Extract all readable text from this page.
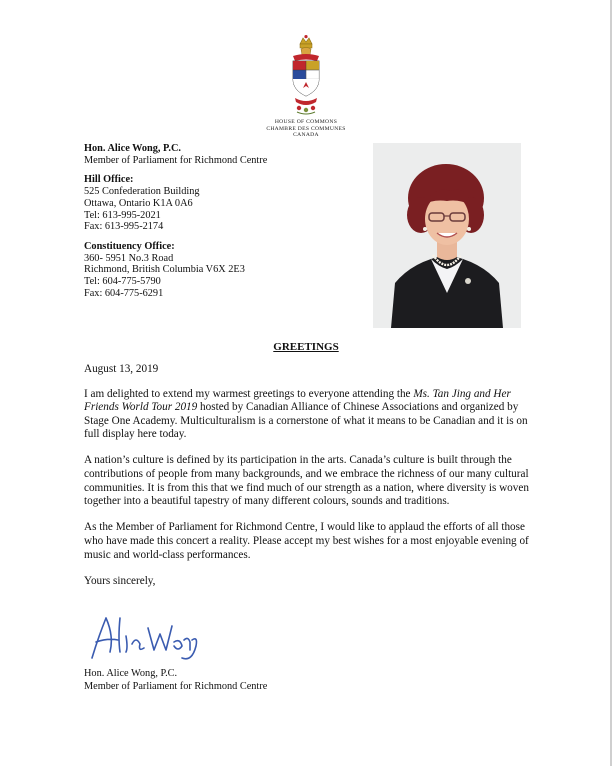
HOUSE OF COMMONS
CHAMBRE DES COMMUNES
CANADA
Hon. Alice Wong, P.C.
Member of Parliament for Richmond Centre
Hill Office:
525 Confederation Building
Ottawa, Ontario K1A 0A6
Tel: 613-995-2021
Fax: 613-995-2174
Constituency Office:
360- 5951 No.3 Road
Richmond, British Columbia V6X 2E3
Tel: 604-775-5790
Fax: 604-775-6291
GREETINGS

August 13, 2019

I am delighted to extend my warmest greetings to everyone attending the Ms. Tan Jing and Her Friends World Tour 2019 hosted by Canadian Alliance of Chinese Associations and organized by Stage One Academy. Multiculturalism is a cornerstone of what it means to be Canadian and it is on full display here today.

A nation’s culture is defined by its participation in the arts. Canada’s culture is built through the contributions of people from many backgrounds, and we embrace the richness of our many cultural communities. It is from this that we find much of our strength as a nation, where diversity is woven together into a beautiful tapestry of many different colours, sounds and traditions.

As the Member of Parliament for Richmond Centre, I would like to applaud the efforts of all those who have made this concert a reality. Please accept my best wishes for a most enjoyable evening of music and world-class performances.

Yours sincerely,

Hon. Alice Wong, P.C.
Member of Parliament for Richmond Centre
